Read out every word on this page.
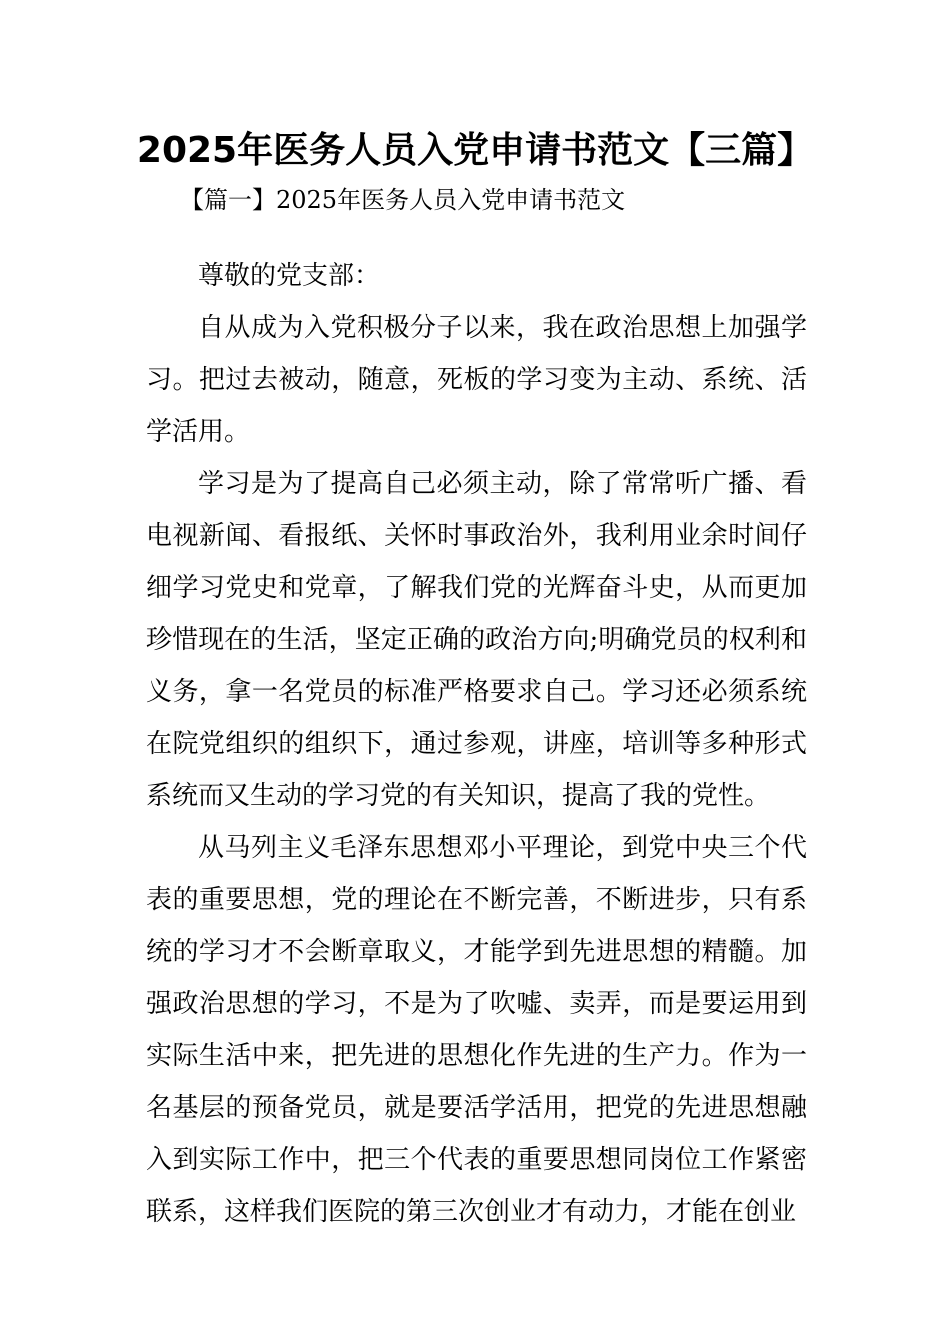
2025年医务人员入党申请书范文【三篇】
【篇一】2025年医务人员入党申请书范文

尊敬的党支部：

自从成为入党积极分子以来，我在政治思想上加强学习。把过去被动，随意，死板的学习变为主动、系统、活学活用。

学习是为了提高自己必须主动，除了常常听广播、看电视新闻、看报纸、关怀时事政治外，我利用业余时间仔细学习党史和党章，了解我们党的光辉奋斗史，从而更加珍惜现在的生活，坚定正确的政治方向;明确党员的权利和义务，拿一名党员的标准严格要求自己。学习还必须系统在院党组织的组织下，通过参观，讲座，培训等多种形式系统而又生动的学习党的有关知识，提高了我的党性。

从马列主义毛泽东思想邓小平理论，到党中央三个代表的重要思想，党的理论在不断完善，不断进步，只有系统的学习才不会断章取义，才能学到先进思想的精髓。加强政治思想的学习，不是为了吹嘘、卖弄，而是要运用到实际生活中来，把先进的思想化作先进的生产力。作为一名基层的预备党员，就是要活学活用，把党的先进思想融入到实际工作中，把三个代表的重要思想同岗位工作紧密联系，这样我们医院的第三次创业才有动力，才能在创业
